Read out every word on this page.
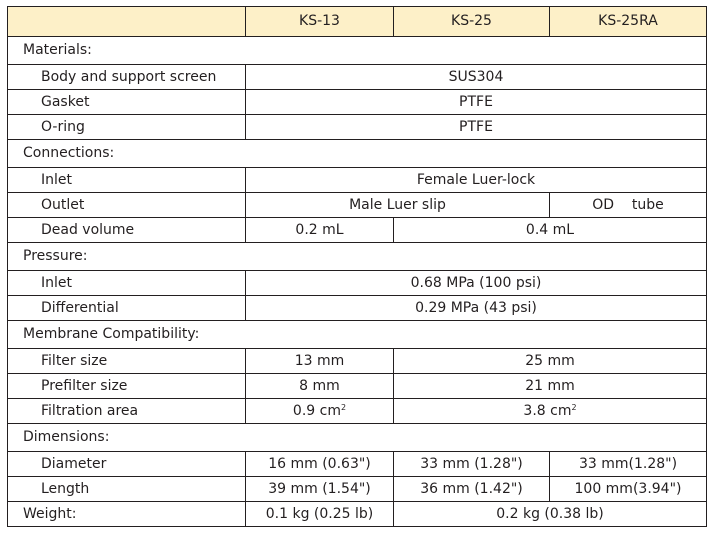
	KS-13	KS-25	KS-25RA
Materials:			
Body and support screen	SUS304		
Gasket	PTFE		
O-ring	PTFE		
Connections:			
Inlet	Female Luer-lock		
Outlet	Male Luer slip		OD    tube
Dead volume	0.2 mL	0.4 mL	
Pressure:			
Inlet	0.68 MPa (100 psi)		
Differential	0.29 MPa (43 psi)		
Membrane Compatibility:			
Filter size	13 mm	25 mm	
Prefilter size	8 mm	21 mm	
Filtration area	0.9 $cm^2$	3.8 $cm^2$
Dimensions:			
Diameter	16 mm (0.63")	33 mm (1.28")	33 mm(1.28")
Length	39 mm (1.54")	36 mm (1.42")	100 mm(3.94")
Weight:	0.1 kg (0.25 lb)	0.2 kg (0.38 lb)	
